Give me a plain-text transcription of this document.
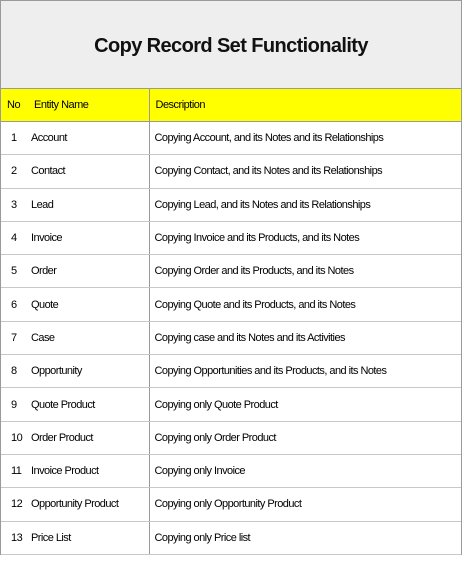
Copy Record Set Functionality
No	Entity Name	Description
1	Account	Copying Account, and its Notes and its Relationships
2	Contact	Copying Contact, and its Notes and its Relationships
3	Lead	Copying Lead, and its Notes and its Relationships
4	Invoice	Copying Invoice and its Products, and its Notes
5	Order	Copying Order and its Products, and its Notes
6	Quote	Copying Quote and its Products, and its Notes
7	Case	Copying case and its Notes and its Activities
8	Opportunity	Copying Opportunities and its Products, and its Notes
9	Quote Product	Copying only Quote Product
10	Order Product	Copying only Order Product
11	Invoice Product	Copying only Invoice
12	Opportunity Product	Copying only Opportunity Product
13	Price List	Copying only Price list
